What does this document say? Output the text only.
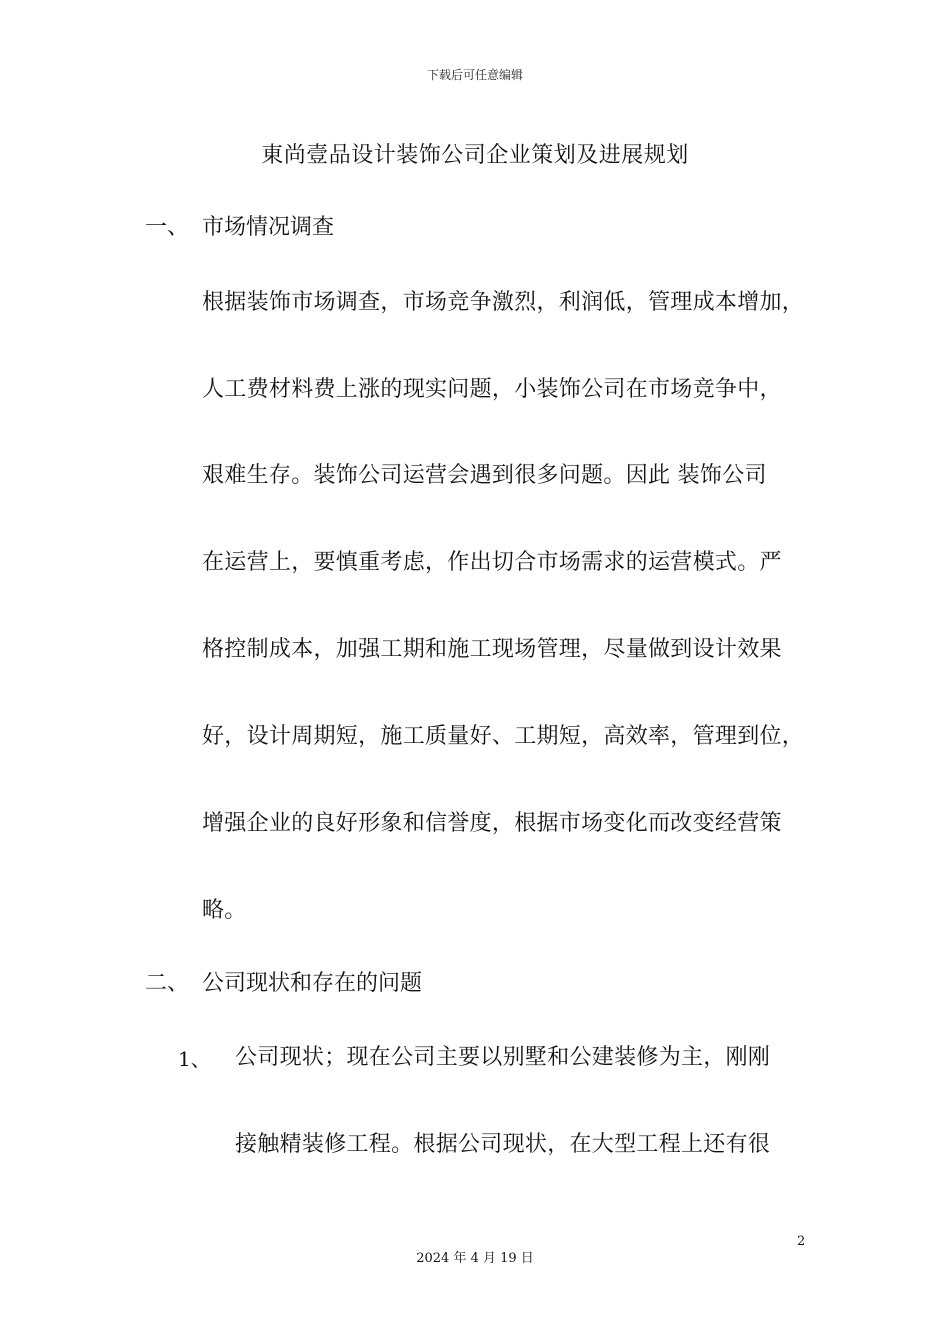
下载后可任意编辑
東尚壹品设计装饰公司企业策划及进展规划
一、 市场情况调查
根据装饰市场调查，市场竞争激烈，利润低，管理成本增加，
人工费材料费上涨的现实问题，小装饰公司在市场竞争中，
艰难生存。装饰公司运营会遇到很多问题。因此 装饰公司
在运营上，要慎重考虑，作出切合市场需求的运营模式。严
格控制成本，加强工期和施工现场管理，尽量做到设计效果
好，设计周期短，施工质量好、工期短，高效率，管理到位，
增强企业的良好形象和信誉度，根据市场变化而改变经营策
略。
二、 公司现状和存在的问题
1、 公司现状；现在公司主要以别墅和公建装修为主，刚刚
接触精装修工程。根据公司现状，在大型工程上还有很
2
2024 年 4 月 19 日
